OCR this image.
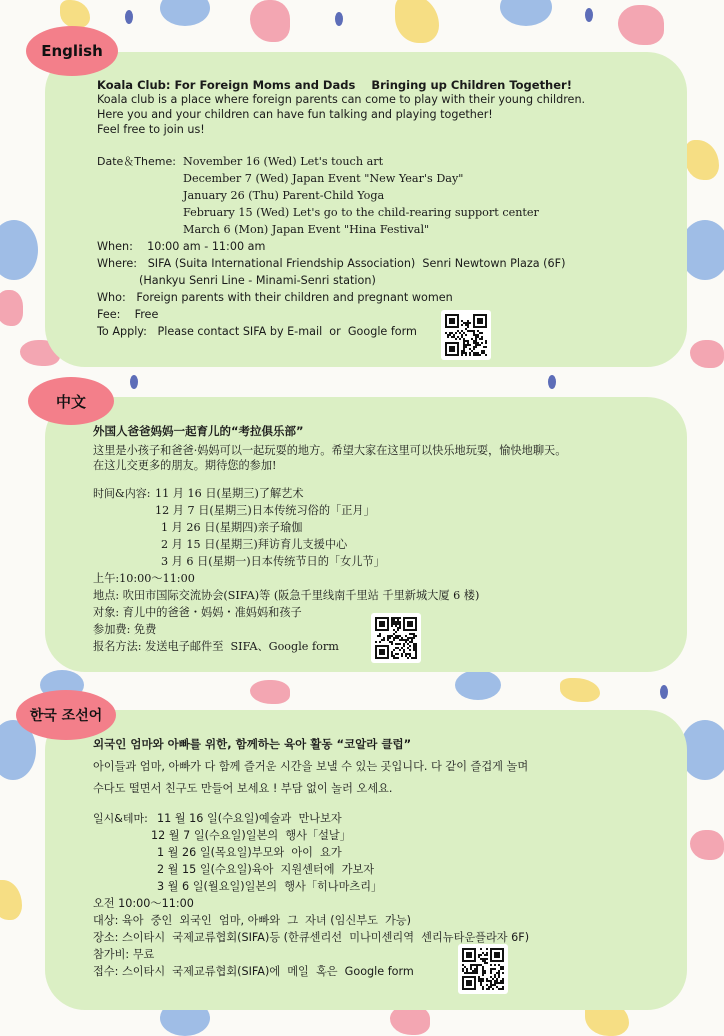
Koala Club: For Foreign Moms and Dads    Bringing up Children Together!
Koala club is a place where foreign parents can come to play with their young children.
Here you and your children can have fun talking and playing together!
Feel free to join us!
Date＆Theme: November 16 (Wed) Let's touch art
December 7 (Wed) Japan Event "New Year's Day"
January 26 (Thu) Parent-Child Yoga
February 15 (Wed) Let's go to the child-rearing support center
March 6 (Mon) Japan Event "Hina Festival"
When:    10:00 am - 11:00 am
Where:   SIFA (Suita International Friendship Association)  Senri Newtown Plaza (6F)
(Hankyu Senri Line - Minami-Senri station)
Who:   Foreign parents with their children and pregnant women
Fee:    Free
To Apply:   Please contact SIFA by E-mail  or  Google form
English
外国人爸爸妈妈一起育儿的“考拉俱乐部”
这里是小孩子和爸爸·妈妈可以一起玩耍的地方。希望大家在这里可以快乐地玩耍，愉快地聊天。
在这儿交更多的朋友。期待您的参加!
时间&内容: 11 月 16 日(星期三)了解艺术
12 月 7 日(星期三)日本传统习俗的「正月」
1 月 26 日(星期四)亲子瑜伽
2 月 15 日(星期三)拜访育儿支援中心
3 月 6 日(星期一)日本传统节日的「女儿节」
上午:10:00～11:00
地点: 吹田市国际交流协会(SIFA)等 (阪急千里线南千里站 千里新城大厦 6 楼)
对象: 育儿中的爸爸・妈妈・准妈妈和孩子
参加费: 免费
报名方法: 发送电子邮件至  SIFA、Google form
中文
외국인 엄마와 아빠를 위한, 함께하는 육아 활동 “코알라 클럽”
아이들과 엄마, 아빠가 다 함께 즐거운 시간을 보낼 수 있는 곳입니다. 다 같이 즐겁게 놀며
수다도 떨면서 친구도 만들어 보세요 ! 부담 없이 놀러 오세요.
일시&테마: 11 월 16 일(수요일)예술과  만나보자
12 월 7 일(수요일)일본의  행사「설날」
1 월 26 일(목요일)부모와  아이  요가
2 월 15 일(수요일)육아  지원센터에  가보자
3 월 6 일(월요일)일본의  행사「히나마츠리」
오전 10:00～11:00
대상: 육아  중인  외국인  엄마, 아빠와  그  자녀 (임신부도  가능)
장소: 스이타시  국제교류협회(SIFA)등 (한큐센리선  미나미센리역  센리뉴타운플라자 6F)
참가비: 무료
접수: 스이타시  국제교류협회(SIFA)에  메일  혹은  Google form
한국 조선어
